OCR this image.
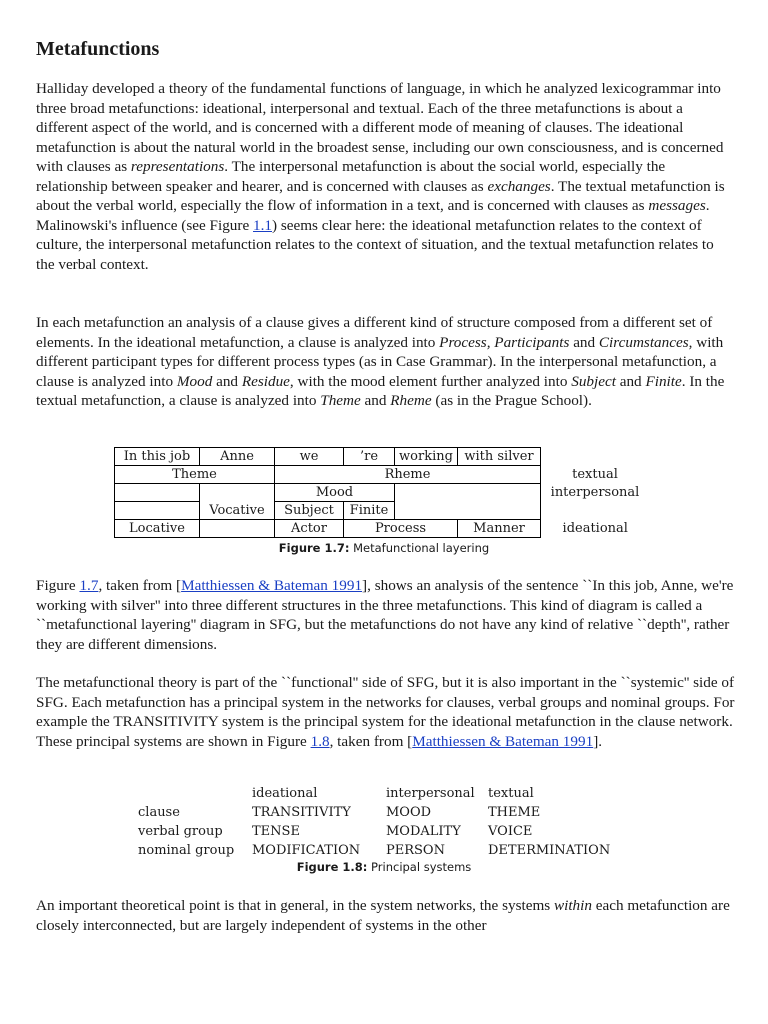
Metafunctions

Halliday developed a theory of the fundamental functions of language, in which he analyzed lexicogrammar into three broad metafunctions: ideational, interpersonal and textual. Each of the three metafunctions is about a different aspect of the world, and is concerned with a different mode of meaning of clauses. The ideational metafunction is about the natural world in the broadest sense, including our own consciousness, and is concerned with clauses as representations. The interpersonal metafunction is about the social world, especially the relationship between speaker and hearer, and is concerned with clauses as exchanges. The textual metafunction is about the verbal world, especially the flow of information in a text, and is concerned with clauses as messages. Malinowski's influence (see Figure 1.1) seems clear here: the ideational metafunction relates to the context of culture, the interpersonal metafunction relates to the context of situation, and the textual metafunction relates to the verbal context.

In each metafunction an analysis of a clause gives a different kind of structure composed from a different set of elements. In the ideational metafunction, a clause is analyzed into Process, Participants and Circumstances, with different participant types for different process types (as in Case Grammar). In the interpersonal metafunction, a clause is analyzed into Mood and Residue, with the mood element further analyzed into Subject and Finite. In the textual metafunction, a clause is analyzed into Theme and Rheme (as in the Prague School).

In this job	Anne	we	’re	working	with silver	
Theme		Rheme				textual
	Vocative	Mood				interpersonal
		Subject	Finite			
Locative		Actor	Process		Manner	ideational
Figure 1.7: Metafunctional layering

Figure 1.7, taken from [Matthiessen & Bateman 1991], shows an analysis of the sentence ``In this job, Anne, we're working with silver'' into three different structures in the three metafunctions. This kind of diagram is called a ``metafunctional layering'' diagram in SFG, but the metafunctions do not have any kind of relative ``depth'', rather they are different dimensions.

The metafunctional theory is part of the ``functional'' side of SFG, but it is also important in the ``systemic'' side of SFG. Each metafunction has a principal system in the networks for clauses, verbal groups and nominal groups. For example the TRANSITIVITY system is the principal system for the ideational metafunction in the clause network. These principal systems are shown in Figure 1.8, taken from [Matthiessen & Bateman 1991].

	ideational	interpersonal	textual
clause	TRANSITIVITY	MOOD	THEME
verbal group	TENSE	MODALITY	VOICE
nominal group	MODIFICATION	PERSON	DETERMINATION
Figure 1.8: Principal systems

An important theoretical point is that in general, in the system networks, the systems within each metafunction are closely interconnected, but are largely independent of systems in the other
